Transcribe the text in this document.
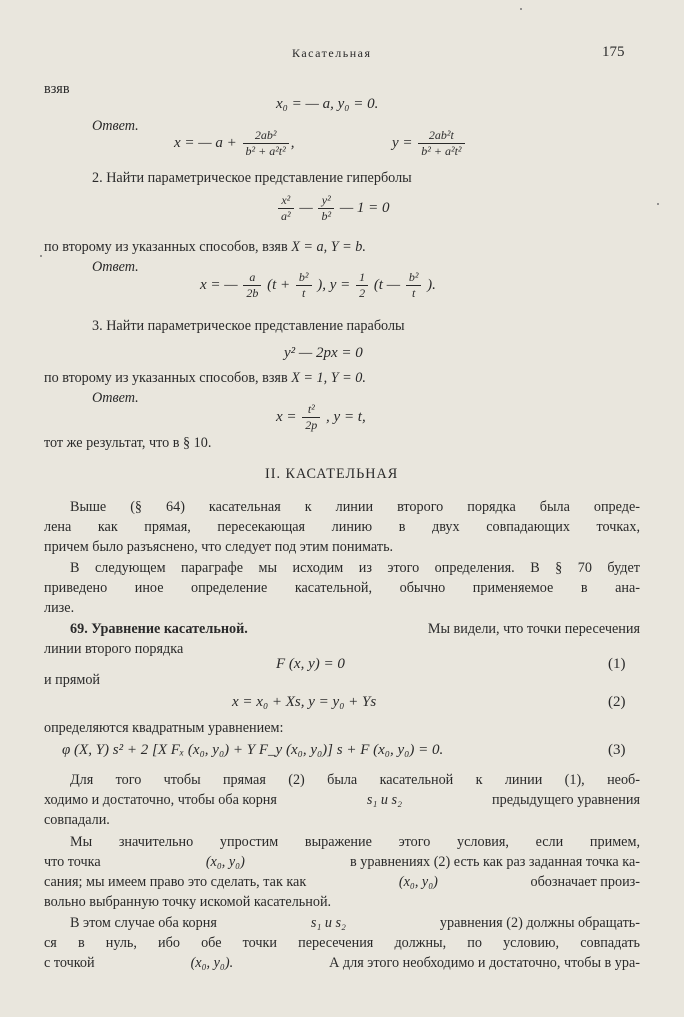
Касательная	175
взяв
x₀ = — a, y₀ = 0.
Ответ.
x = — $a + \frac{\text{2ab²}}{\text{b² + a²t²}}$ ,	$y = \frac{\text{2ab²t}}{\text{b² + a²t²}}$
2. Найти параметрическое представление гиперболы
$\frac{\text{x²}}{\text{a²}}$ — $\frac{\text{y²}}{\text{b²}}$ — 1 = 0
по второму из указанных способов, взяв X = a, Y = b.
Ответ.
x = — $\frac{a}{2b} (t + \frac{\text{b²}}{t}$ ), $y = \frac{1}{2} (t$ — $\frac{\text{b²}}{t}$ ).
3. Найти параметрическое представление параболы
y² — 2px = 0
по второму из указанных способов, взяв X = 1, Y = 0.
Ответ.
$x = \frac{\text{t²}}{2p}$ , y = t,
тот же результат, что в § 10.
II. КАСАТЕЛЬНАЯ
Выше (§ 64) касательная к линии второго порядка была опреде-
лена как прямая, пересекающая линию в двух совпадающих точках,
причем было разъяснено, что следует под этим понимать.
В следующем параграфе мы исходим из этого определения. В § 70 будет
приведено иное определение касательной, обычно применяемое в ана-
лизе.
69. Уравнение касательной.	Мы видели, что точки пересечения
линии второго порядка
F (x, y) = 0	(1)
и прямой
x = x₀ + Xs, y = y₀ + Ys	(2)
определяются квадратным уравнением:
φ (X, Y) s² + 2 [X Fₓ (x₀, y₀) + Y F_y (x₀, y₀)] s + F (x₀, y₀) = 0.	(3)
Для того чтобы прямая (2) была касательной к линии (1), необ-
ходимо и достаточно, чтобы оба корня	s₁ и s₂	предыдущего уравнения
совпадали.
Мы значительно упростим выражение этого условия, если примем,
что точка	(x₀, y₀)	в уравнениях (2) есть как раз заданная точка ка-
сания; мы имеем право это сделать, так как	(x₀, y₀)	обозначает произ-
вольно выбранную точку искомой касательной.
В этом случае оба корня	s₁ и s₂	уравнения (2) должны обращать-
ся в нуль, ибо обе точки пересечения должны, по условию, совпадать
с точкой	(x₀, y₀).	А для этого необходимо и достаточно, чтобы в ура-
